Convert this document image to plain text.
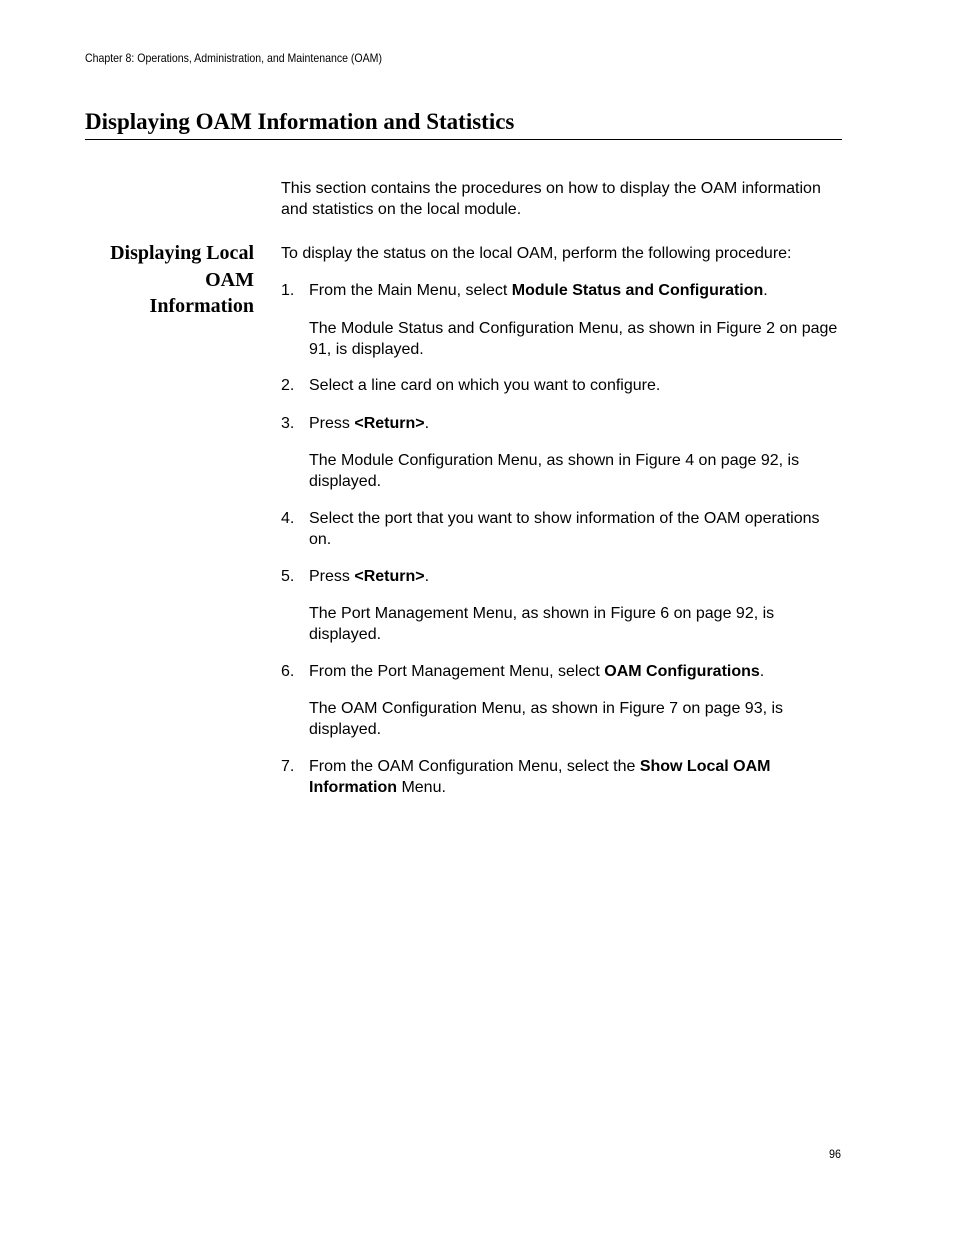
Chapter 8: Operations, Administration, and Maintenance (OAM)
Displaying OAM Information and Statistics

This section contains the procedures on how to display the OAM information and statistics on the local module.

Displaying Local
OAM
Information

To display the status on the local OAM, perform the following procedure:

1. From the Main Menu, select Module Status and Configuration.

The Module Status and Configuration Menu, as shown in Figure 2 on page 91, is displayed.

2. Select a line card on which you want to configure.

3. Press <Return>.

The Module Configuration Menu, as shown in Figure 4 on page 92, is displayed.

4. Select the port that you want to show information of the OAM operations on.

5. Press <Return>.

The Port Management Menu, as shown in Figure 6 on page 92, is displayed.

6. From the Port Management Menu, select OAM Configurations.

The OAM Configuration Menu, as shown in Figure 7 on page 93, is displayed.

7. From the OAM Configuration Menu, select the Show Local OAM Information Menu.

96
